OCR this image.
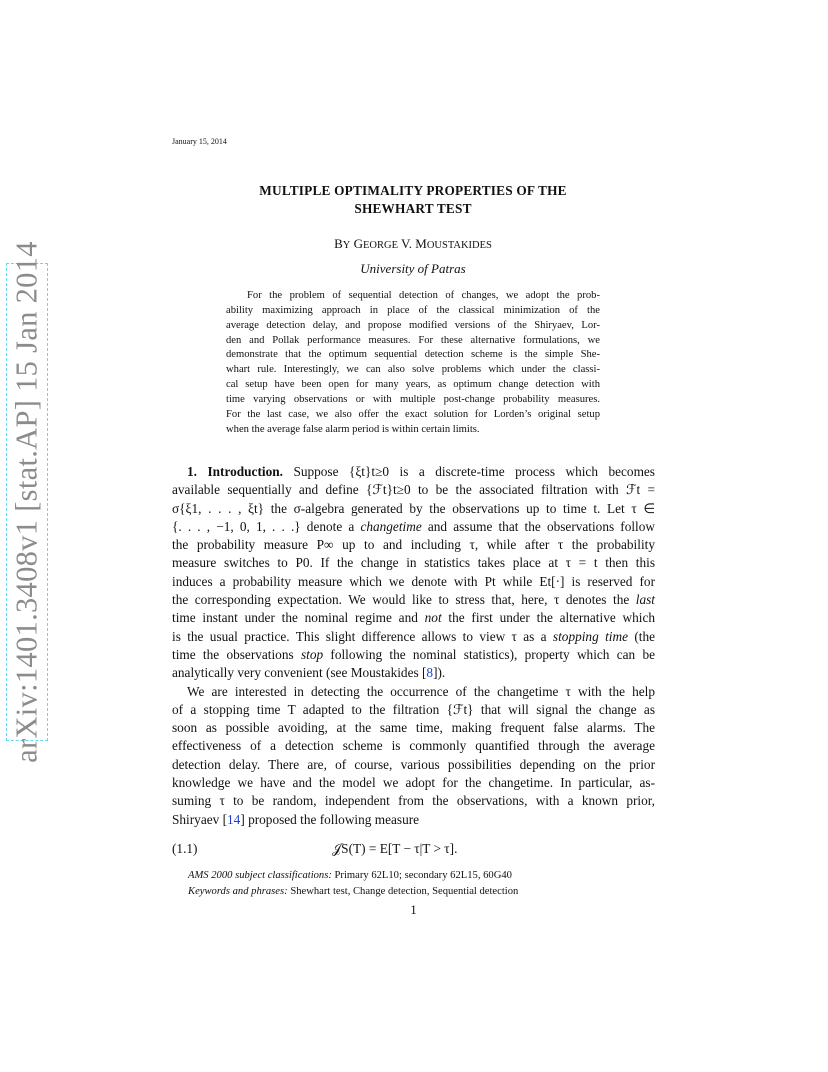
arXiv:1401.3408v1 [stat.AP] 15 Jan 2014
January 15, 2014
MULTIPLE OPTIMALITY PROPERTIES OF THE
SHEWHART TEST
BY GEORGE V. MOUSTAKIDES
University of Patras
For the problem of sequential detection of changes, we adopt the prob-
ability maximizing approach in place of the classical minimization of the
average detection delay, and propose modified versions of the Shiryaev, Lor-
den and Pollak performance measures. For these alternative formulations, we
demonstrate that the optimum sequential detection scheme is the simple She-
whart rule. Interestingly, we can also solve problems which under the classi-
cal setup have been open for many years, as optimum change detection with
time varying observations or with multiple post-change probability measures.
For the last case, we also offer the exact solution for Lorden’s original setup
when the average false alarm period is within certain limits.
1. Introduction. Suppose {ξt}t≥0 is a discrete-time process which becomes
available sequentially and define {ℱt}t≥0 to be the associated filtration with ℱt =
σ{ξ1, . . . , ξt} the σ-algebra generated by the observations up to time t. Let τ ∈
{. . . , −1, 0, 1, . . .} denote a changetime and assume that the observations follow
the probability measure P∞ up to and including τ, while after τ the probability
measure switches to P0. If the change in statistics takes place at τ = t then this
induces a probability measure which we denote with Pt while Et[·] is reserved for
the corresponding expectation. We would like to stress that, here, τ denotes the last
time instant under the nominal regime and not the first under the alternative which
is the usual practice. This slight difference allows to view τ as a stopping time (the
time the observations stop following the nominal statistics), property which can be
analytically very convenient (see Moustakides [8]).
We are interested in detecting the occurrence of the changetime τ with the help
of a stopping time T adapted to the filtration {ℱt} that will signal the change as
soon as possible avoiding, at the same time, making frequent false alarms. The
effectiveness of a detection scheme is commonly quantified through the average
detection delay. There are, of course, various possibilities depending on the prior
knowledge we have and the model we adopt for the changetime. In particular, as-
suming τ to be random, independent from the observations, with a known prior,
Shiryaev [14] proposed the following measure
(1.1)	𝒥S(T) = E[T − τ|T > τ].
AMS 2000 subject classifications: Primary 62L10; secondary 62L15, 60G40
Keywords and phrases: Shewhart test, Change detection, Sequential detection
1
